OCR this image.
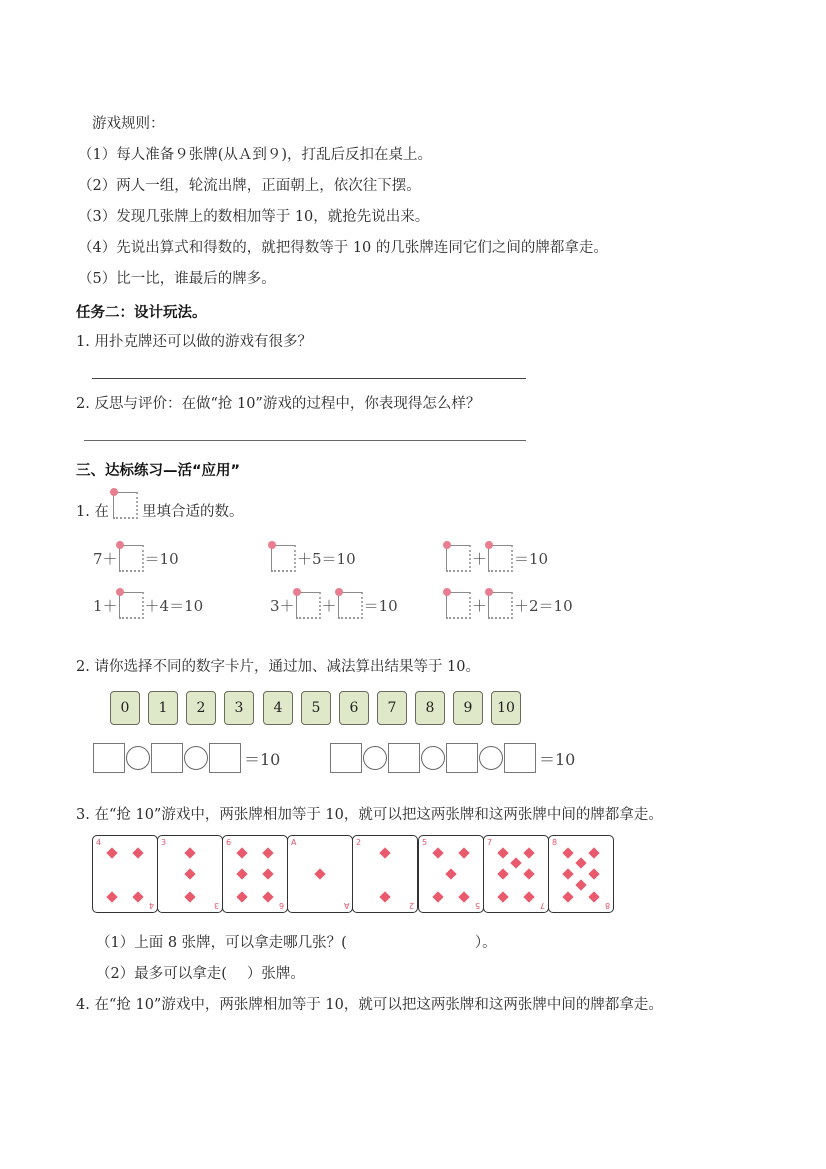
游戏规则：
（1）每人准备９张牌(从Ａ到９)，打乱后反扣在桌上。
（2）两人一组，轮流出牌，正面朝上，依次往下摆。
（3）发现几张牌上的数相加等于 10，就抢先说出来。
（4）先说出算式和得数的，就把得数等于 10 的几张牌连同它们之间的牌都拿走。
（5）比一比，谁最后的牌多。
任务二：设计玩法。
1. 用扑克牌还可以做的游戏有很多？
2. 反思与评价：在做“抢 10”游戏的过程中，你表现得怎么样？
三、达标练习—活“应用”
1. 在 里填合适的数。
7＋ ＝10	＋5＝10	＋ ＝10
1＋ ＋4＝10	3＋ ＋ ＝10	＋ ＋2＝10
2. 请你选择不同的数字卡片，通过加、减法算出结果等于 10。
0	1	2	3	4	5	6	7	8	9	10
＝10	＝10
3. 在“抢 10”游戏中，两张牌相加等于 10，就可以把这两张牌和这两张牌中间的牌都拿走。
4
4
3
3
6
6
A
A
2
2
5
5
7
7
8
8
（1）上面 8 张牌，可以拿走哪几张？(	）。
（2）最多可以拿走( ）张牌。
4. 在“抢 10”游戏中，两张牌相加等于 10，就可以把这两张牌和这两张牌中间的牌都拿走。
